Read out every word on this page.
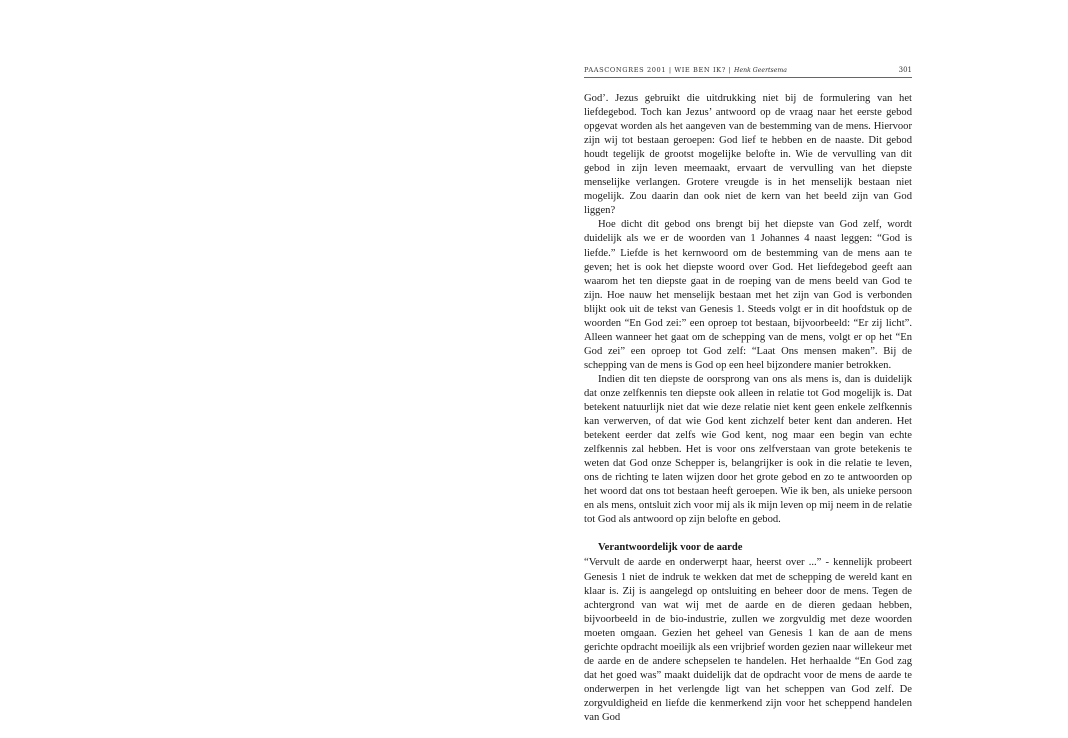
PAASCONGRES 2001 | WIE BEN IK? | Henk Geertsema	301

God’. Jezus gebruikt die uitdrukking niet bij de formulering van het liefdegebod. Toch kan Jezus’ antwoord op de vraag naar het eerste gebod opgevat worden als het aangeven van de bestemming van de mens. Hiervoor zijn wij tot bestaan geroepen: God lief te hebben en de naaste. Dit gebod houdt tegelijk de grootst mogelijke belofte in. Wie de vervulling van dit gebod in zijn leven meemaakt, ervaart de vervulling van het diepste menselijke verlangen. Grotere vreugde is in het menselijk bestaan niet mogelijk. Zou daarin dan ook niet de kern van het beeld zijn van God liggen?

Hoe dicht dit gebod ons brengt bij het diepste van God zelf, wordt duidelijk als we er de woorden van 1 Johannes 4 naast leggen: “God is liefde.” Liefde is het kernwoord om de bestemming van de mens aan te geven; het is ook het diepste woord over God. Het liefdegebod geeft aan waarom het ten diepste gaat in de roeping van de mens beeld van God te zijn. Hoe nauw het menselijk bestaan met het zijn van God is verbonden blijkt ook uit de tekst van Genesis 1. Steeds volgt er in dit hoofdstuk op de woorden “En God zei:” een oproep tot bestaan, bijvoorbeeld: “Er zij licht”. Alleen wanneer het gaat om de schepping van de mens, volgt er op het “En God zei” een oproep tot God zelf: “Laat Ons mensen maken”. Bij de schepping van de mens is God op een heel bijzondere manier betrokken.

Indien dit ten diepste de oorsprong van ons als mens is, dan is duidelijk dat onze zelfkennis ten diepste ook alleen in relatie tot God mogelijk is. Dat betekent natuurlijk niet dat wie deze relatie niet kent geen enkele zelfkennis kan verwerven, of dat wie God kent zichzelf beter kent dan anderen. Het betekent eerder dat zelfs wie God kent, nog maar een begin van echte zelfkennis zal hebben. Het is voor ons zelfverstaan van grote betekenis te weten dat God onze Schepper is, belangrijker is ook in die relatie te leven, ons de richting te laten wijzen door het grote gebod en zo te antwoorden op het woord dat ons tot bestaan heeft geroepen. Wie ik ben, als unieke persoon en als mens, ontsluit zich voor mij als ik mijn leven op mij neem in de relatie tot God als antwoord op zijn belofte en gebod.

Verantwoordelijk voor de aarde

“Vervult de aarde en onderwerpt haar, heerst over ...” - kennelijk probeert Genesis 1 niet de indruk te wekken dat met de schepping de wereld kant en klaar is. Zij is aangelegd op ontsluiting en beheer door de mens. Tegen de achtergrond van wat wij met de aarde en de dieren gedaan hebben, bijvoorbeeld in de bio-industrie, zullen we zorgvuldig met deze woorden moeten omgaan. Gezien het geheel van Genesis 1 kan de aan de mens gerichte opdracht moeilijk als een vrijbrief worden gezien naar willekeur met de aarde en de andere schepselen te handelen. Het herhaalde “En God zag dat het goed was” maakt duidelijk dat de opdracht voor de mens de aarde te onderwerpen in het verlengde ligt van het scheppen van God zelf. De zorgvuldigheid en liefde die kenmerkend zijn voor het scheppend handelen van God
